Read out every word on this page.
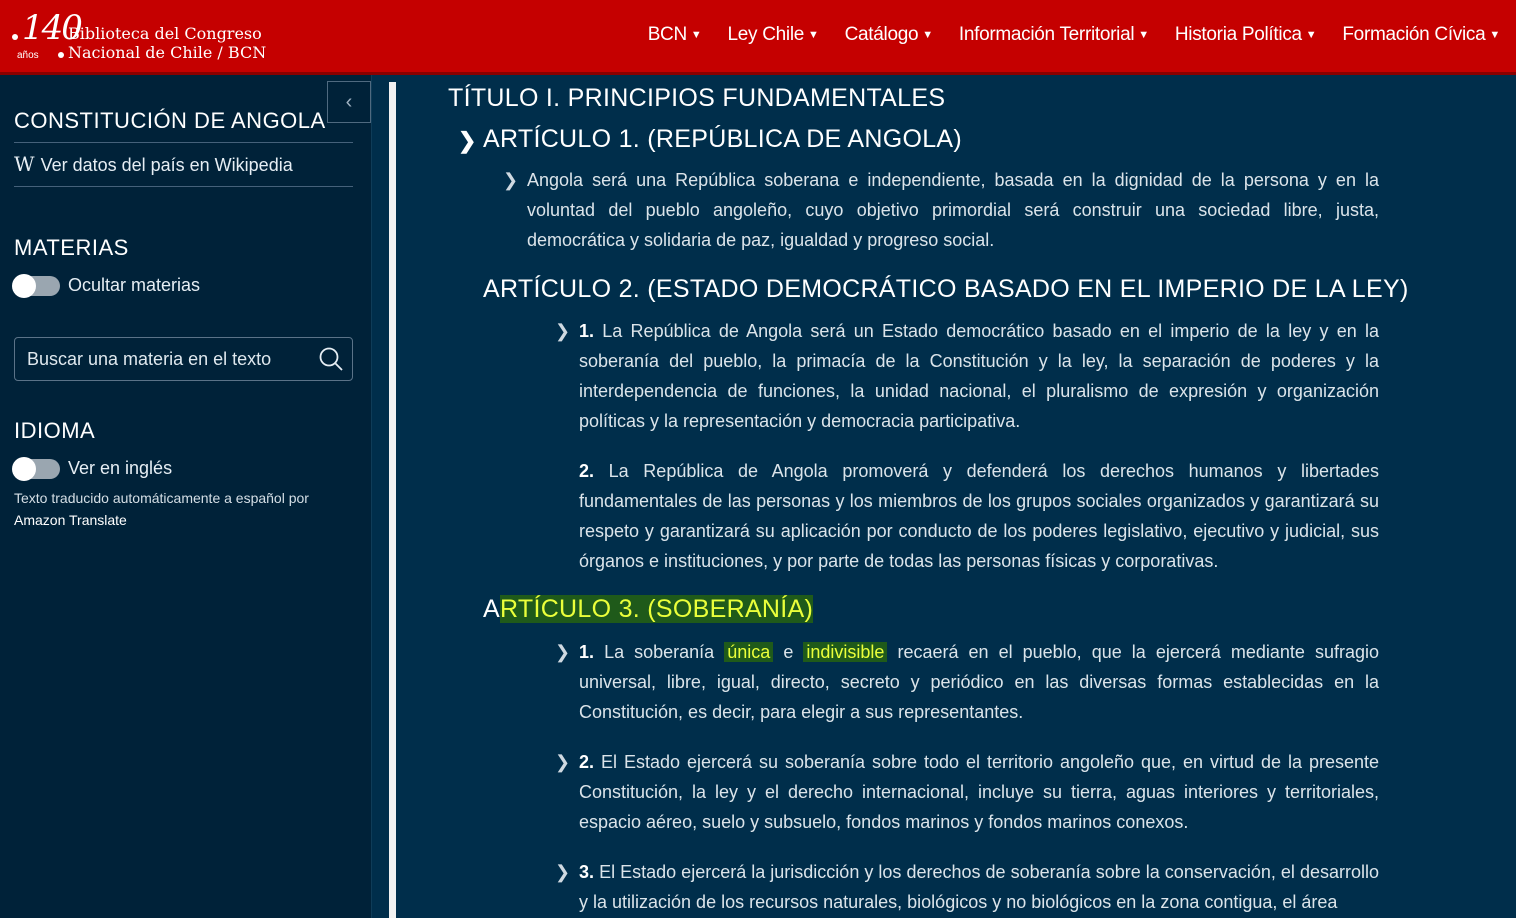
140
años
Biblioteca del Congreso
Nacional de Chile / BCN
BCN ▼ Ley Chile ▼ Catálogo ▼ Información Territorial ▼ Historia Política ▼ Formación Cívica ▼
‹
CONSTITUCIÓN DE ANGOLA
W Ver datos del país en Wikipedia
MATERIAS
Ocultar materias
Buscar una materia en el texto
IDIOMA
Ver en inglés
Texto traducido automáticamente a español por
Amazon Translate
TÍTULO I. PRINCIPIOS FUNDAMENTALES
❯ ARTÍCULO 1. (REPÚBLICA DE ANGOLA)
❯ Angola será una República soberana e independiente, basada en la dignidad de la persona y en la voluntad del pueblo angoleño, cuyo objetivo primordial será construir una sociedad libre, justa, democrática y solidaria de paz, igualdad y progreso social.
ARTÍCULO 2. (ESTADO DEMOCRÁTICO BASADO EN EL IMPERIO DE LA LEY)
❯ 1. La República de Angola será un Estado democrático basado en el imperio de la ley y en la soberanía del pueblo, la primacía de la Constitución y la ley, la separación de poderes y la interdependencia de funciones, la unidad nacional, el pluralismo de expresión y organización políticas y la representación y democracia participativa.
2. La República de Angola promoverá y defenderá los derechos humanos y libertades fundamentales de las personas y los miembros de los grupos sociales organizados y garantizará su respeto y garantizará su aplicación por conducto de los poderes legislativo, ejecutivo y judicial, sus órganos e instituciones, y por parte de todas las personas físicas y corporativas.
ARTÍCULO 3. (SOBERANÍA)
❯ 1. La soberanía única e indivisible recaerá en el pueblo, que la ejercerá mediante sufragio universal, libre, igual, directo, secreto y periódico en las diversas formas establecidas en la Constitución, es decir, para elegir a sus representantes.
❯ 2. El Estado ejercerá su soberanía sobre todo el territorio angoleño que, en virtud de la presente Constitución, la ley y el derecho internacional, incluye su tierra, aguas interiores y territoriales, espacio aéreo, suelo y subsuelo, fondos marinos y fondos marinos conexos.
❯ 3. El Estado ejercerá la jurisdicción y los derechos de soberanía sobre la conservación, el desarrollo y la utilización de los recursos naturales, biológicos y no biológicos en la zona contigua, el área
